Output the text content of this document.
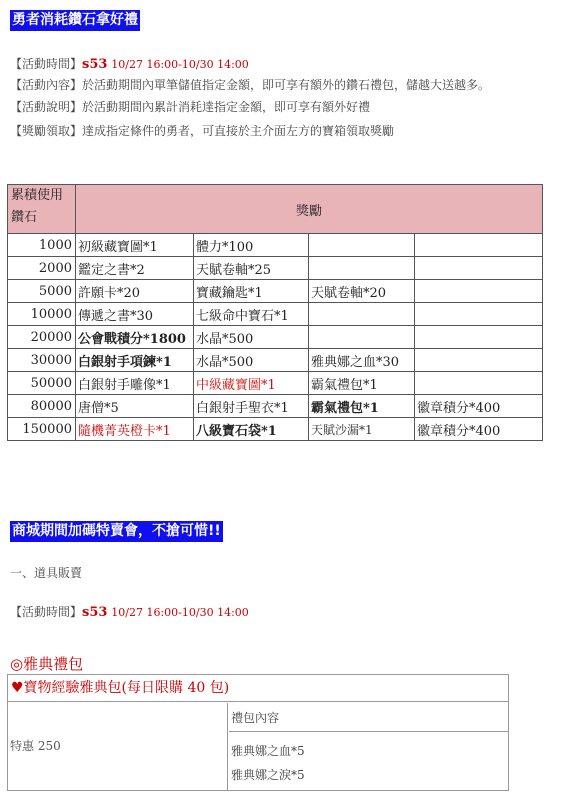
勇者消耗鑽石拿好禮
【活動時間】s53 10/27 16:00-10/30 14:00
【活動內容】於活動期間內單筆儲值指定金額，即可享有額外的鑽石禮包，儲越大送越多。
【活動說明】於活動期間內累計消耗達指定金額，即可享有額外好禮
【獎勵領取】達成指定條件的勇者，可直接於主介面左方的寶箱領取獎勵
累積使用
鑽石	獎勵			
1000	初級藏寶圖*1	體力*100		
2000	鑑定之書*2	天賦卷軸*25		
5000	許願卡*20	寶藏鑰匙*1	天賦卷軸*20	
10000	傳遞之書*30	七級命中寶石*1		
20000	公會戰積分*1800	水晶*500		
30000	白銀射手項鍊*1	水晶*500	雅典娜之血*30	
50000	白銀射手雕像*1	中級藏寶圖*1	霸氣禮包*1	
80000	唐僧*5	白銀射手聖衣*1	霸氣禮包*1	徽章積分*400
150000	隨機菁英橙卡*1	八級寶石袋*1	天賦沙漏*1	徽章積分*400
商城期間加碼特賣會，不搶可惜!!
一、道具販賣
【活動時間】s53 10/27 16:00-10/30 14:00
◎雅典禮包
♥寶物經驗雅典包(每日限購 40 包)
特惠 250
禮包內容
雅典娜之血*5
雅典娜之淚*5
